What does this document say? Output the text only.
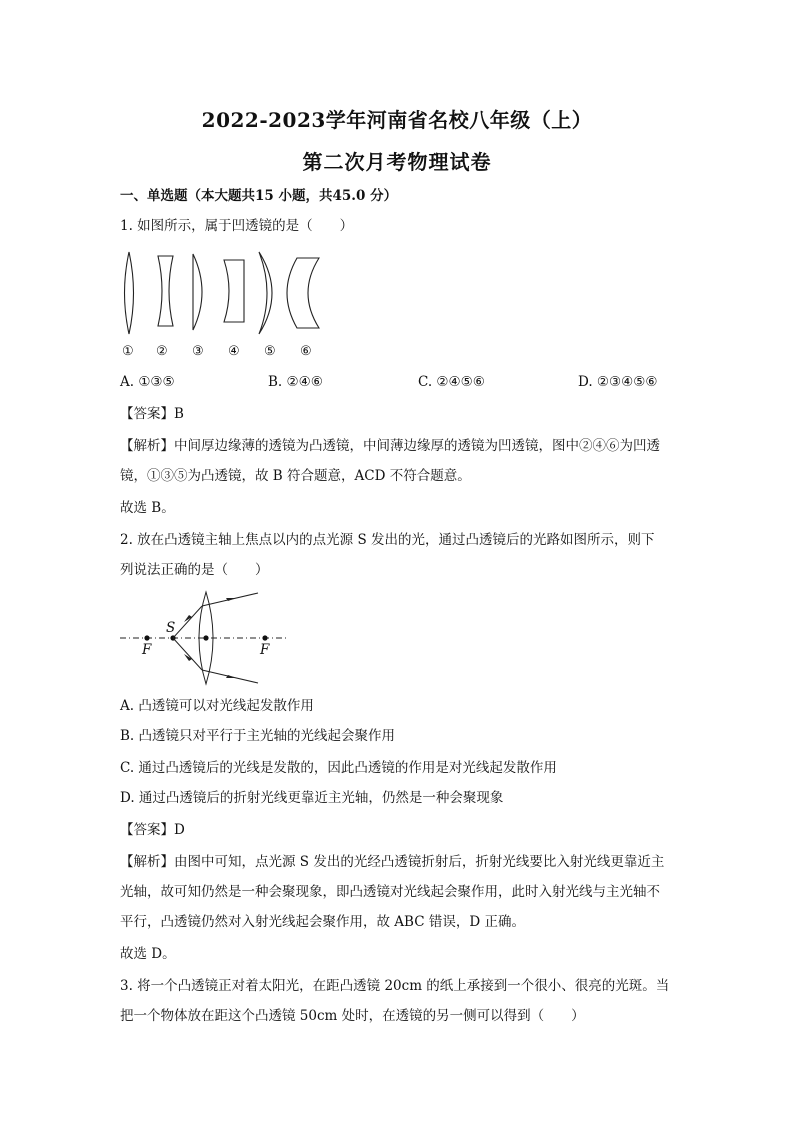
2022-2023学年河南省名校八年级（上）
第二次月考物理试卷
一、单选题（本大题共15 小题，共45.0 分）
1. 如图所示，属于凹透镜的是（　　）
① ② ③ ④ ⑤ ⑥
A. ①③⑤	B. ②④⑥	C. ②④⑤⑥	D. ②③④⑤⑥
【答案】B
【解析】中间厚边缘薄的透镜为凸透镜，中间薄边缘厚的透镜为凹透镜，图中②④⑥为凹透
镜，①③⑤为凸透镜，故 B 符合题意，ACD 不符合题意。
故选 B。
2. 放在凸透镜主轴上焦点以内的点光源 S 发出的光，通过凸透镜后的光路如图所示，则下
列说法正确的是（　　）
S
F	F
A. 凸透镜可以对光线起发散作用
B. 凸透镜只对平行于主光轴的光线起会聚作用
C. 通过凸透镜后的光线是发散的，因此凸透镜的作用是对光线起发散作用
D. 通过凸透镜后的折射光线更靠近主光轴，仍然是一种会聚现象
【答案】D
【解析】由图中可知，点光源 S 发出的光经凸透镜折射后，折射光线要比入射光线更靠近主
光轴，故可知仍然是一种会聚现象，即凸透镜对光线起会聚作用，此时入射光线与主光轴不
平行，凸透镜仍然对入射光线起会聚作用，故 ABC 错误，D 正确。
故选 D。
3. 将一个凸透镜正对着太阳光，在距凸透镜 20cm 的纸上承接到一个很小、很亮的光斑。当
把一个物体放在距这个凸透镜 50cm 处时，在透镜的另一侧可以得到（　　）
